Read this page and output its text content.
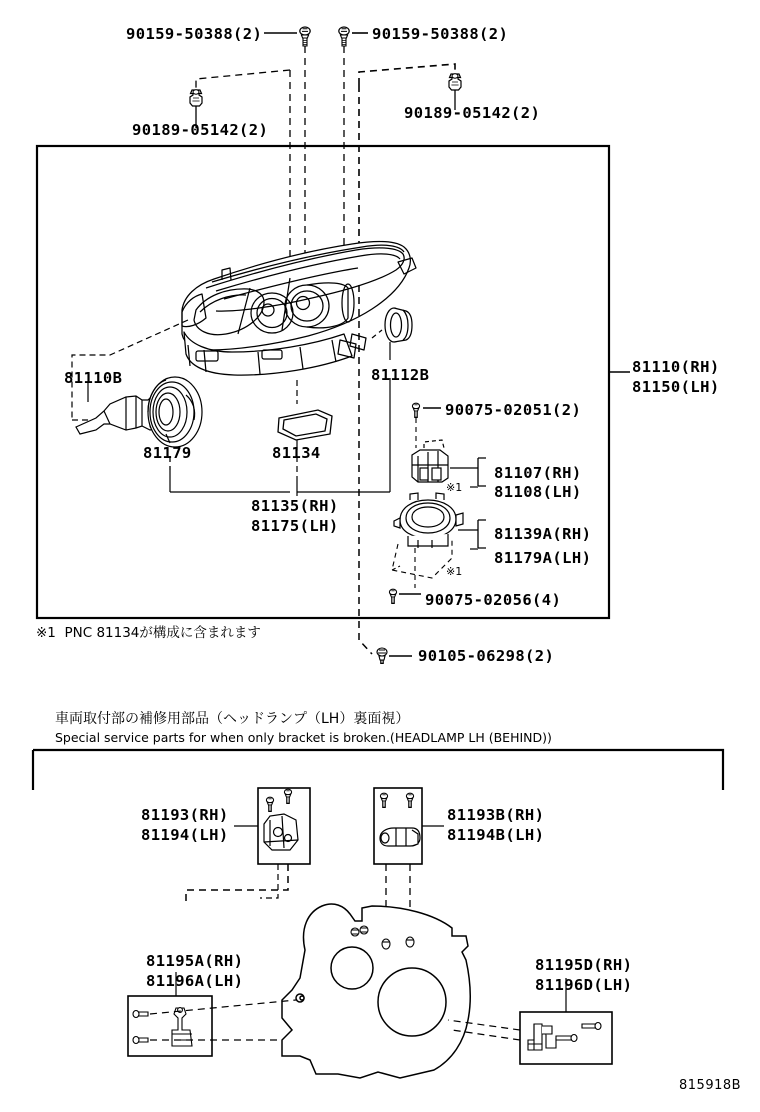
90159-50388(2)	90159-50388(2)
90189-05142(2)
90189-05142(2)
81110B
81179	81134
81112B	81110(RH)
81150(LH)
81135(RH)
81175(LH)
90075-02051(2)
81107(RH)
81108(LH)
※1
81139A(RH)
81179A(LH)
※1
90075-02056(4)
※1  PNC 81134が構成に含まれます
90105-06298(2)
車両取付部の補修用部品（ヘッドランプ（LH）裏面視）
Special service parts for when only bracket is broken.(HEADLAMP LH (BEHIND))
81193(RH)
81194(LH)
81193B(RH)
81194B(LH)
81195A(RH)
81196A(LH)
81195D(RH)
81196D(LH)
815918B
